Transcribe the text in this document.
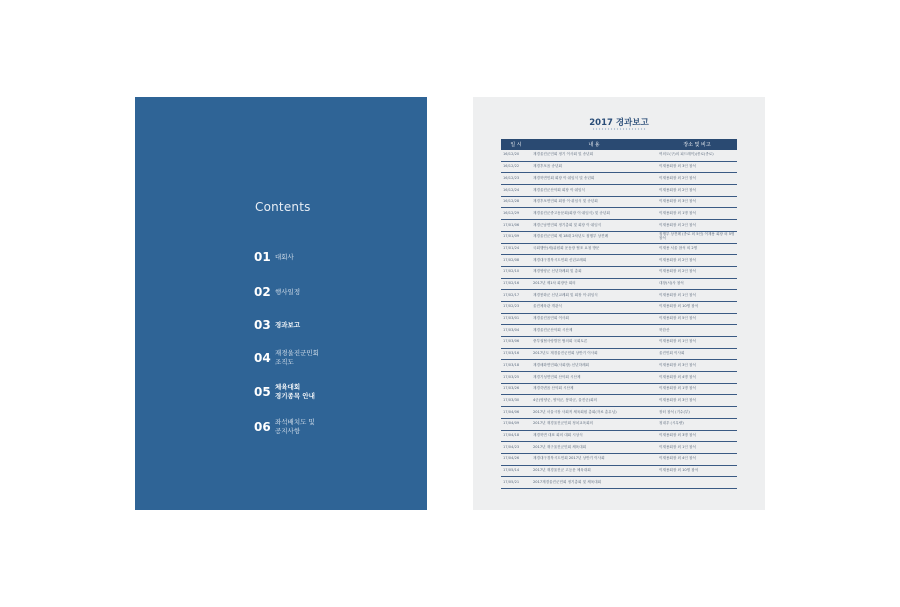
Contents
01 대회사
02 행사일정
03 경과보고
04 재경울진군민회
조직도
05 체육대회
경기종목 안내
06 좌석배치도 및
공지사항
2017 경과보고
일 시	내 용	장소 및 비고
16/12/20	재경울진군민회 정기 이사회 및 송년회	여의도(구)의 피드레이)(종로(종로)
16/12/22	재경후포읍 송년회	이재용회장 외 3인 참석
16/12/23	재경북면민회 회장 이·취임식 및 송년회	이재용회장 외 2인 참석
16/12/24	재경울진군산악회 회장 이·취임식	이재용회장 외 2인 참석
16/12/28	재경후포면민회 회장 이·취임식 및 송년회	이재용회장 외 3인 참석
16/12/29	재경울진군중고동문회(회장 이·취임식) 및 송년회	이재용회장 외 1명 참석
17/01/06	재경근남면민회 정기총회 및 회장 이·취임식	이재용회장 외 2인 참석
17/01/09	재경울진군민회 제 18대 2차년도 집행부 상견례	집행부 상견례 (종로 외 5인) 이재용 회장 외 5명 참석
17/01/24	국회행안(세)위원회 운동장 협조 요청 방문	이재용 서울 참석 외 2명
17/02/08	재경대구경북시도민회 신년교례회	이재용회장 외 2인 참석
17/02/10	재경영양군 신년하례회 및 총회	이재용회장 외 2인 참석
17/02/16	2017년 제1차 회장단 회의	대창(서)사 참석
17/02/17	재경봉화군 신년교례회 및 회장 이·취임식	이재용회장 외 1인 참석
17/02/23	울진체육관 개관식	이재용회장 외 10명 참석
17/03/01	재경울진읍민회 이사회	이재용회장 외 5인 참석
17/03/04	재경울진군산악회 시산제	북한산
17/03/06	중부권협사랑발전 협의회 국회토론	이재용회장 외 1인 참석
17/03/16	2017년도 재경울진군민회 상반기 이사회	울진민회 이사회
17/03/18	재경매화면민회(사회장) 신년하례회	이재용회장 외 3인 참석
17/03/25	재경기성면민회 산악회 시산제	이재용회장 외 4명 참석
17/03/26	재경죽변읍 산악회 시산제	이재용회장 외 1명 참석
17/03/30	4군(영양군, 영덕군, 봉화군, 울진군)회의	이재용회장 외 3인 참석
17/04/06	2017년 서울시장 사회적 체육회원 총회(자료 총무님)	장터 참석 (기수(부)
17/04/09	2017년 재경울진군민회 정치교육회의	청내우 (시무량)
17/04/18	재경북면 대표 회의 대회 시상식	이재용회장 외 3명 참석
17/04/23	2017년 재구울진군민회 체육대회	이재용회장 외 1인 참석
17/04/26	재경대구경북시도민회 2017년 상반기 이사회	이재용회장 외 4인 참석
17/05/14	2017년 재경울진군 고등문 체육대회	이재용회장 외 10명 참석
17/05/21	2017재경울진군민회 정기총회 및 체육대회	
